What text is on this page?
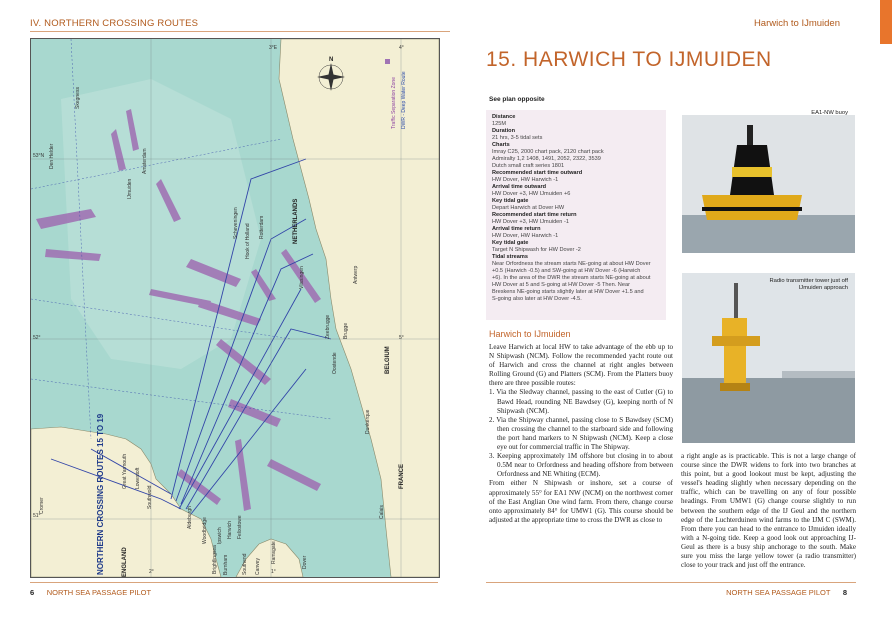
IV. NORTHERN CROSSING ROUTES	Harwich to IJmuiden
N
Traffic Separation Zone DWR - Deep Water Route
NETHERLANDS
BELGIUM
FRANCE
ENGLAND
Skegness
Den Helder
IJmuiden
Amsterdam
Rotterdam
Scheveningen
Hook of Holland
Vlissingen
Zeebrugge
Oostende
Antwerp
Brugge
Dunkerque
Calais
Ramsgate	Dover
Southwold
Lowestoft
Great Yarmouth
Aldeburgh Woodbridge Ipswich Harwich Felixstowe
Brightlingsea Burnham	Southend Canvey
Cromer
3°E	4°
5°
2°	1°
52°
51°
53°N
NORTHERN CROSSING ROUTES 15 TO 19
15. HARWICH TO IJMUIDEN
See plan opposite
Distance
125M
Duration
21 hrs, 3-5 tidal sets
Charts
Imray C25, 2000 chart pack, 2120 chart pack
Admiralty 1,2 1408, 1491, 2052, 2322, 3539
Dutch small craft series 1801
Recommended start time outward
HW Dover, HW Harwich -1
Arrival time outward
HW Dover +3, HW IJmuiden +6
Key tidal gate
Depart Harwich at Dover HW
Recommended start time return
HW Dover +3, HW IJmuiden -1
Arrival time return
HW Dover, HW Harwich -1
Key tidal gate
Target N Shipwash for HW Dover -2
Tidal streams
Near Orfordness the stream starts NE-going at about HW Dover
+0.5 (Harwich -0.5) and SW-going at HW Dover -6 (Harwich
+6). In the area of the DWR the stream starts NE-going at about
HW Dover at 5 and S-going at HW Dover -5 Then. Near
Breskens NE-going starts slightly later at HW Dover +1.5 and
S-going also later at HW Dover -4.5.
Harwich to IJmuiden
Leave Harwich at local HW to take advantage of the ebb up to N Shipwash (NCM). Follow the recommended yacht route out of Harwich and cross the channel at right angles between Rolling Ground (G) and Platters (SCM). From the Platters buoy there are three possible routes:
1. Via the Sledway channel, passing to the east of Cutler (G) to Bawd Head, rounding NE Bawdsey (G), keeping north of N Shipwash (NCM).
2. Via the Shipway channel, passing close to S Bawdsey (SCM) then crossing the channel to the starboard side and following the port hand markers to N Shipwash (NCM). Keep a close eye out for commercial traffic in The Shipway.
3. Keeping approximately 1M offshore but closing in to about 0.5M near to Orfordness and heading offshore from between Orfordness and NE Whiting (ECM).
From either N Shipwash or inshore, set a course of approximately 55° for EA1 NW (NCM) on the northwest corner of the East Anglian One wind farm. From there, change course onto approximately 84° for UMW1 (G). This course should be adjusted at the appropriate time to cross the DWR as close to
a right angle as is practicable. This is not a large change of course since the DWR widens to fork into two branches at this point, but a good lookout must be kept, adjusting the vessel's heading slightly when necessary depending on the traffic, which can be travelling on any of four possible headings. From UMW1 (G) change course slightly to run between the southern edge of the IJ Geul and the northern edge of the Luchterduinen wind farms to the IJM C (SWM). From there you can head to the entrance to IJmuiden ideally with a N-going tide. Keep a good look out approaching IJ-Geul as there is a busy ship anchorage to the south. Make sure you miss the large yellow tower (a radio transmitter) close to your track and just off the entrance.
EA1-NW buoy
Radio transmitter tower just off IJmuiden approach
6 NORTH SEA PASSAGE PILOT	NORTH SEA PASSAGE PILOT 8
